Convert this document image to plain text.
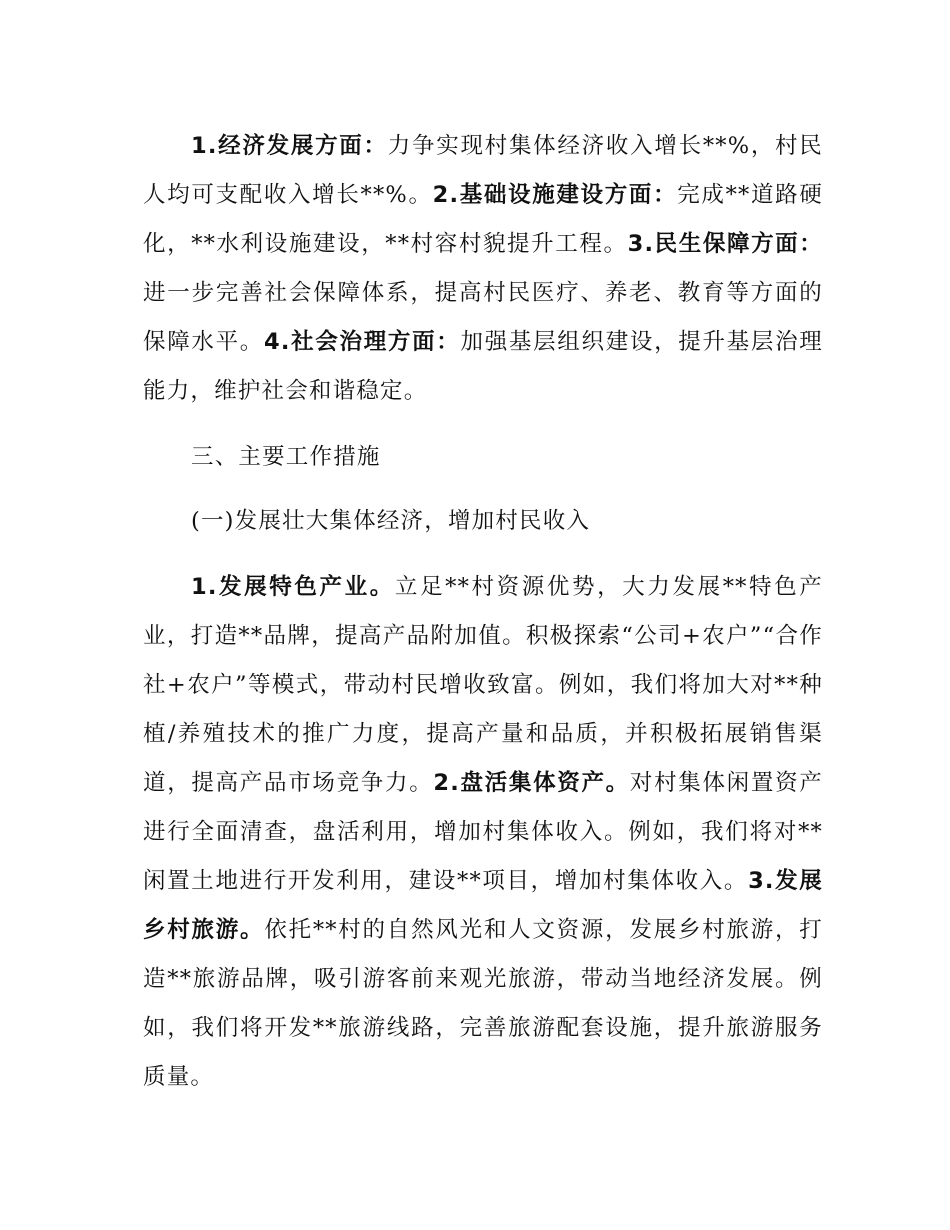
1.经济发展方面：力争实现村集体经济收入增长**%，村民人均可支配收入增长**%。2.基础设施建设方面：完成**道路硬化，**水利设施建设，**村容村貌提升工程。3.民生保障方面：进一步完善社会保障体系，提高村民医疗、养老、教育等方面的保障水平。4.社会治理方面：加强基层组织建设，提升基层治理能力，维护社会和谐稳定。

三、主要工作措施
(一)发展壮大集体经济，增加村民收入

1.发展特色产业。立足**村资源优势，大力发展**特色产业，打造**品牌，提高产品附加值。积极探索“公司+农户”“合作社+农户”等模式，带动村民增收致富。例如，我们将加大对**种植/养殖技术的推广力度，提高产量和品质，并积极拓展销售渠道，提高产品市场竞争力。2.盘活集体资产。对村集体闲置资产进行全面清查，盘活利用，增加村集体收入。例如，我们将对**闲置土地进行开发利用，建设**项目，增加村集体收入。3.发展乡村旅游。依托**村的自然风光和人文资源，发展乡村旅游，打造**旅游品牌，吸引游客前来观光旅游，带动当地经济发展。例如，我们将开发**旅游线路，完善旅游配套设施，提升旅游服务质量。
